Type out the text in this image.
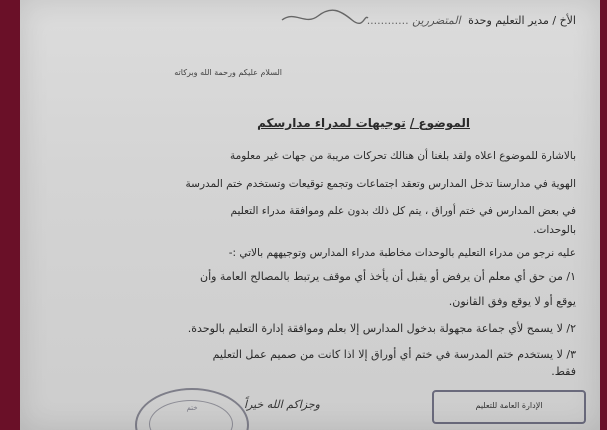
الأخ / مدير التعليم وحدة المتضررين ............
السلام عليكم ورحمة الله وبركاته
الموضوع / توجيهات لمدراء مدارسكم
بالاشارة للموضوع اعلاه ولقد بلغنا أن هنالك تحركات مريبة من جهات غير معلومة
الهوية في مدارسنا تدخل المدارس وتعقد اجتماعات وتجمع توقيعات وتستخدم ختم المدرسة
في بعض المدارس في ختم أوراق ، يتم كل ذلك بدون علم وموافقة مدراء التعليم
بالوحدات.
عليه نرجو من مدراء التعليم بالوحدات مخاطبة مدراء المدارس وتوجيههم بالاتي :-
١/ من حق أي معلم أن يرفض أو يقبل أن يأخذ أي موقف يرتبط بالمصالح العامة وأن
يوقع أو لا يوقع وفق القانون.
٢/ لا يسمح لأي جماعة مجهولة بدخول المدارس إلا بعلم وموافقة إدارة التعليم بالوحدة.
٣/ لا يستخدم ختم المدرسة في ختم أي أوراق إلا اذا كانت من صميم عمل التعليم
فقط.
وجزاكم الله خيراً
ختم	الإدارة العامة للتعليم
